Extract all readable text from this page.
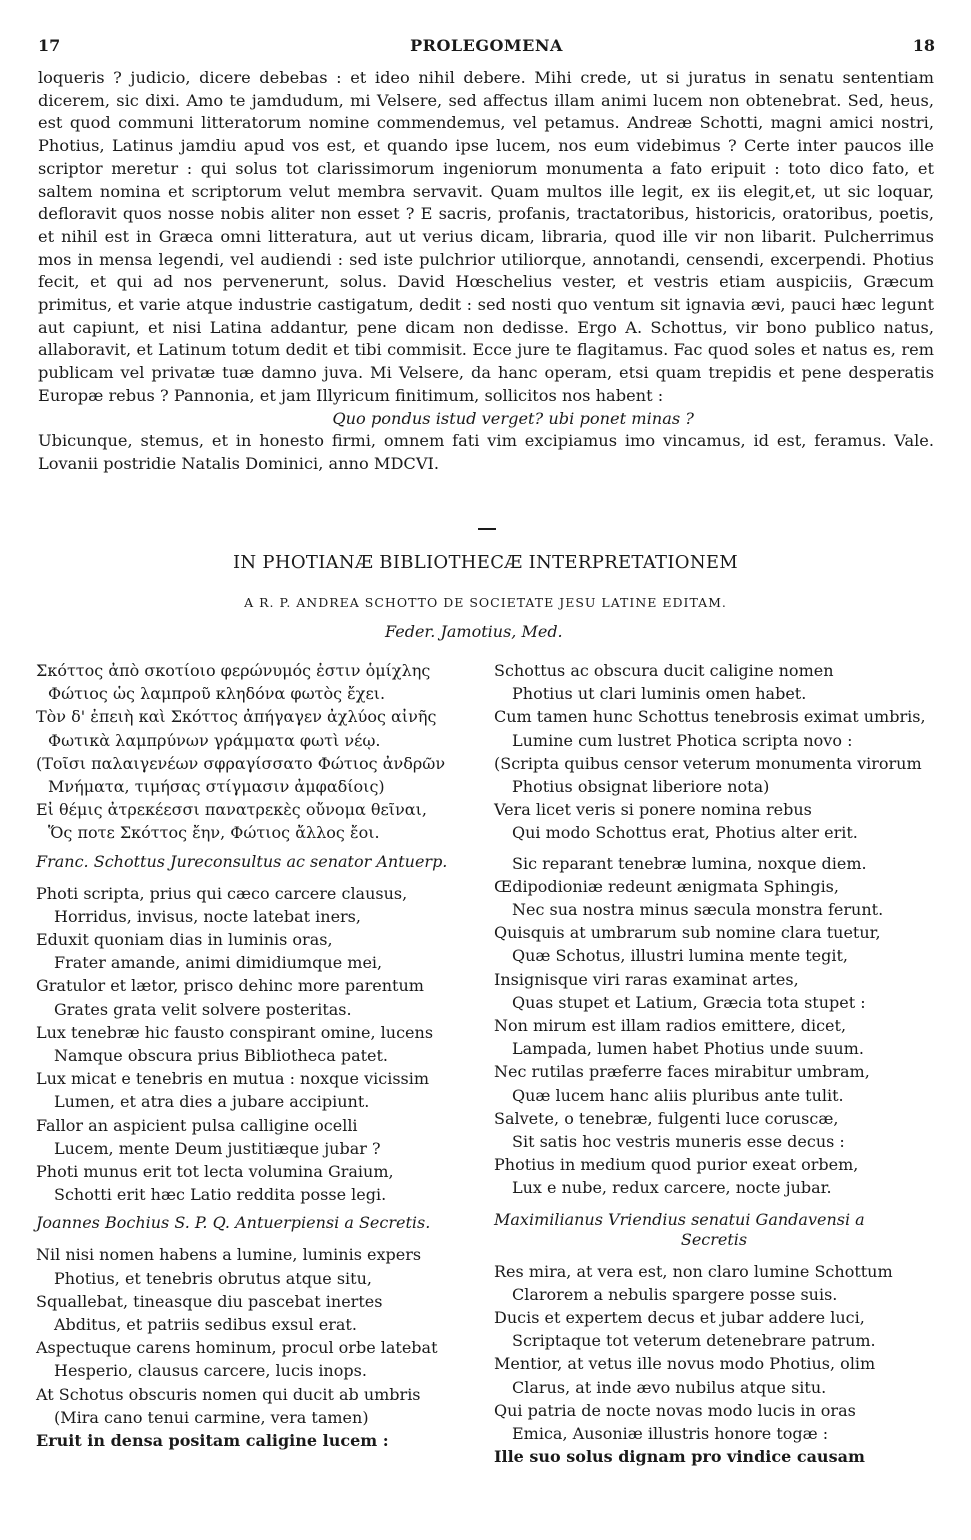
17	PROLEGOMENA	18

loqueris ? judicio, dicere debebas : et ideo nihil debere. Mihi crede, ut si juratus in senatu sententiam dicerem, sic dixi. Amo te jamdudum, mi Velsere, sed affectus illam animi lucem non obtenebrat. Sed, heus, est quod communi litteratorum nomine commendemus, vel petamus. Andreæ Schotti, magni amici nostri, Photius, Latinus jamdiu apud vos est, et quando ipse lucem, nos eum videbimus ? Certe inter paucos ille scriptor meretur : qui solus tot clarissimorum ingeniorum monumenta a fato eripuit : toto dico fato, et saltem nomina et scriptorum velut membra servavit. Quam multos ille legit, ex iis elegit,et, ut sic loquar, defloravit quos nosse nobis aliter non esset ? E sacris, profanis, tractatoribus, historicis, oratoribus, poetis, et nihil est in Græca omni litteratura, aut ut verius dicam, libraria, quod ille vir non libarit. Pulcherrimus mos in mensa legendi, vel audiendi : sed iste pulchrior utiliorque, annotandi, censendi, excerpendi. Photius fecit, et qui ad nos pervenerunt, solus. David Hœschelius vester, et vestris etiam auspiciis, Græcum primitus, et varie atque industrie castigatum, dedit : sed nosti quo ventum sit ignavia ævi, pauci hæc legunt aut capiunt, et nisi Latina addantur, pene dicam non dedisse. Ergo A. Schottus, vir bono publico natus, allaboravit, et Latinum totum dedit et tibi commisit. Ecce jure te flagitamus. Fac quod soles et natus es, rem publicam vel privatæ tuæ damno juva. Mi Velsere, da hanc operam, etsi quam trepidis et pene desperatis Europæ rebus ? Pannonia, et jam Illyricum finitimum, sollicitos nos habent :

Quo pondus istud verget? ubi ponet minas ?

Ubicunque, stemus, et in honesto firmi, omnem fati vim excipiamus imo vincamus, id est, feramus. Vale. Lovanii postridie Natalis Dominici, anno MDCVI.

IN PHOTIANÆ BIBLIOTHECÆ INTERPRETATIONEM
A R. P. ANDREA SCHOTTO DE SOCIETATE JESU LATINE EDITAM.
Feder. Jamotius, Med.
Σκόττος ἀπὸ σκοτίοιο φερώνυμός ἐστιν ὁμίχλης
Φώτιος ὡς λαμπροῦ κληδόνα φωτὸς ἔχει.
Τὸν δ' ἐπειὴ καὶ Σκόττος ἀπήγαγεν ἀχλύος αἰνῆς
Φωτικὰ λαμπρύνων γράμματα φωτὶ νέῳ.
(Τοῖσι παλαιγενέων σφραγίσσατο Φώτιος ἀνδρῶν
Μνήματα, τιμήσας στίγμασιν ἀμφαδίοις)
Εἰ θέμις ἀτρεκέεσσι πανατρεκὲς οὔνομα θεῖναι,
Ὅς ποτε Σκόττος ἔην, Φώτιος ἄλλος ἔοι.
Franc. Schottus Jureconsultus ac senator Antuerp.
Photi scripta, prius qui cæco carcere clausus,
Horridus, invisus, nocte latebat iners,
Eduxit quoniam dias in luminis oras,
Frater amande, animi dimidiumque mei,
Gratulor et lætor, prisco dehinc more parentum
Grates grata velit solvere posteritas.
Lux tenebræ hic fausto conspirant omine, lucens
Namque obscura prius Bibliotheca patet.
Lux micat e tenebris en mutua : noxque vicissim
Lumen, et atra dies a jubare accipiunt.
Fallor an aspicient pulsa calligine ocelli
Lucem, mente Deum justitiæque jubar ?
Photi munus erit tot lecta volumina Graium,
Schotti erit hæc Latio reddita posse legi.
Joannes Bochius S. P. Q. Antuerpiensi a Secretis.
Nil nisi nomen habens a lumine, luminis expers
Photius, et tenebris obrutus atque situ,
Squallebat, tineasque diu pascebat inertes
Abditus, et patriis sedibus exsul erat.
Aspectuque carens hominum, procul orbe latebat
Hesperio, clausus carcere, lucis inops.
At Schotus obscuris nomen qui ducit ab umbris
(Mira cano tenui carmine, vera tamen)
Eruit in densa positam caligine lucem :
Schottus ac obscura ducit caligine nomen
Photius ut clari luminis omen habet.
Cum tamen hunc Schottus tenebrosis eximat umbris,
Lumine cum lustret Photica scripta novo :
(Scripta quibus censor veterum monumenta virorum
Photius obsignat liberiore nota)
Vera licet veris si ponere nomina rebus
Qui modo Schottus erat, Photius alter erit.
Sic reparant tenebræ lumina, noxque diem.
Œdipodioniæ redeunt ænigmata Sphingis,
Nec sua nostra minus sæcula monstra ferunt.
Quisquis at umbrarum sub nomine clara tuetur,
Quæ Schotus, illustri lumina mente tegit,
Insignisque viri raras examinat artes,
Quas stupet et Latium, Græcia tota stupet :
Non mirum est illam radios emittere, dicet,
Lampada, lumen habet Photius unde suum.
Nec rutilas præferre faces mirabitur umbram,
Quæ lucem hanc aliis pluribus ante tulit.
Salvete, o tenebræ, fulgenti luce coruscæ,
Sit satis hoc vestris muneris esse decus :
Photius in medium quod purior exeat orbem,
Lux e nube, redux carcere, nocte jubar.
Maximilianus Vriendius senatui Gandavensi a
Secretis
Res mira, at vera est, non claro lumine Schottum
Clarorem a nebulis spargere posse suis.
Ducis et expertem decus et jubar addere luci,
Scriptaque tot veterum detenebrare patrum.
Mentior, at vetus ille novus modo Photius, olim
Clarus, at inde ævo nubilus atque situ.
Qui patria de nocte novas modo lucis in oras
Emica, Ausoniæ illustris honore togæ :
Ille suo solus dignam pro vindice causam
